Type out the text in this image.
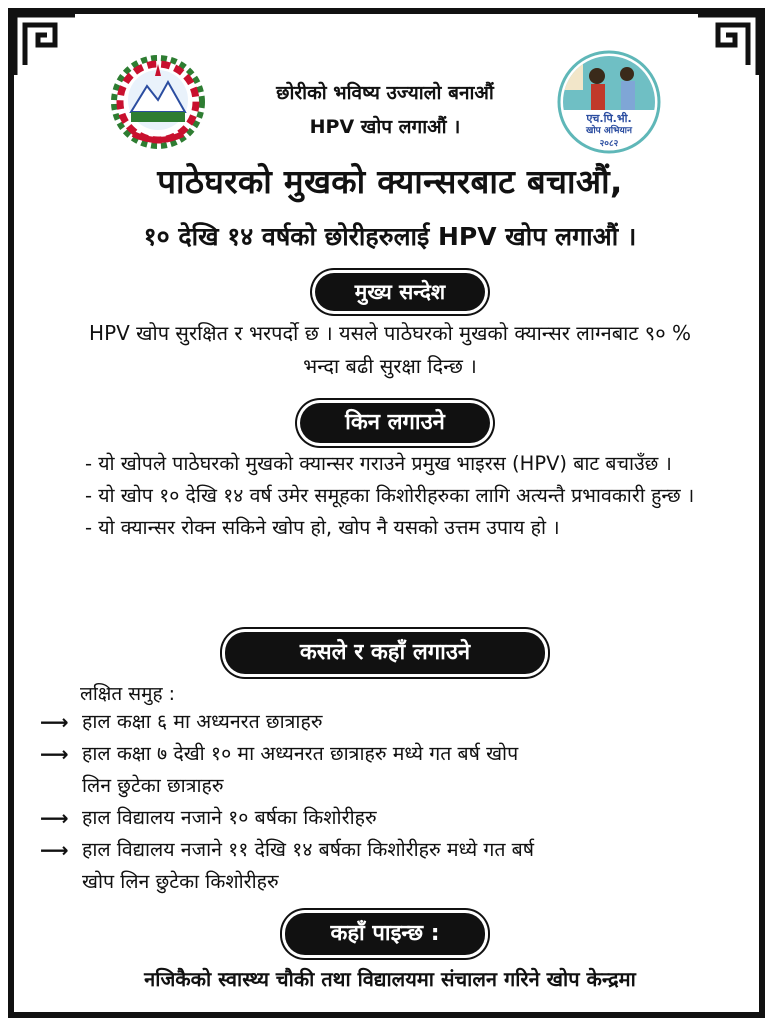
छोरीको भविष्य उज्यालो बनाऔं
HPV खोप लगाऔं ।	एच.पि.भी.
खोप अभियान
२०८२
पाठेघरको मुखको क्यान्सरबाट बचाऔं,
१० देखि १४ वर्षको छोरीहरुलाई HPV खोप लगाऔं ।
मुख्य सन्देश
HPV खोप सुरक्षित र भरपर्दो छ । यसले पाठेघरको मुखको क्यान्सर लाग्नबाट ९० % भन्दा बढी सुरक्षा दिन्छ ।
किन लगाउने

- यो खोपले पाठेघरको मुखको क्यान्सर गराउने प्रमुख भाइरस (HPV) बाट बचाउँछ ।

- यो खोप १० देखि १४ वर्ष उमेर समूहका किशोरीहरुका लागि अत्यन्तै प्रभावकारी हुन्छ ।

- यो क्यान्सर रोक्न सकिने खोप हो, खोप नै यसको उत्तम उपाय हो ।

कसले र कहाँ लगाउने
लक्षित समुह :
⟶ हाल कक्षा ६ मा अध्यनरत छात्राहरु
⟶ हाल कक्षा ७ देखी १० मा अध्यनरत छात्राहरु मध्ये गत बर्ष खोप
लिन छुटेका छात्राहरु
⟶ हाल विद्यालय नजाने १० बर्षका किशोरीहरु
⟶ हाल विद्यालय नजाने ११ देखि १४ बर्षका किशोरीहरु मध्ये गत बर्ष
खोप लिन छुटेका किशोरीहरु
कहाँ पाइन्छ :
नजिकैको स्वास्थ्य चौकी तथा विद्यालयमा संचालन गरिने खोप केन्द्रमा
